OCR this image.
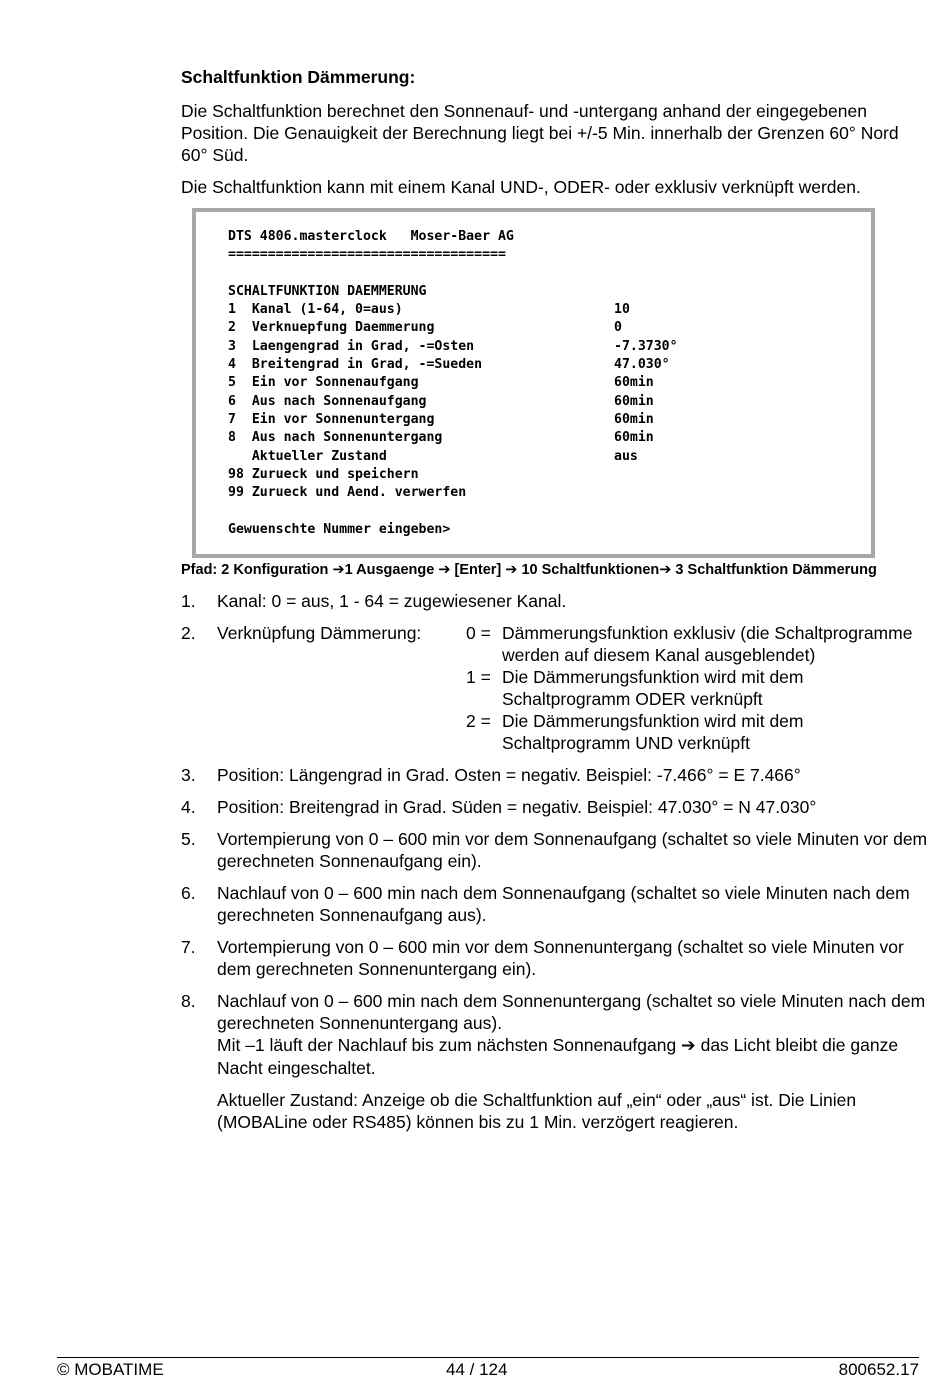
Schaltfunktion Dämmerung:

Die Schaltfunktion berechnet den Sonnenauf- und -untergang anhand der eingegebenen Position. Die Genauigkeit der Berechnung liegt bei +/-5 Min. innerhalb der Grenzen 60° Nord 60° Süd.

Die Schaltfunktion kann mit einem Kanal UND-, ODER- oder exklusiv verknüpft werden.

DTS 4806.masterclock   Moser-Baer AG
===================================
SCHALTFUNKTION DAEMMERUNG
1  Kanal (1-64, 0=aus)	10
2  Verknuepfung Daemmerung	0
3  Laengengrad in Grad, -=Osten	-7.3730°
4  Breitengrad in Grad, -=Sueden	47.030°
5  Ein vor Sonnenaufgang	60min
6  Aus nach Sonnenaufgang	60min
7  Ein vor Sonnenuntergang	60min
8  Aus nach Sonnenuntergang	60min
Aktueller Zustand	aus
98 Zurueck und speichern
99 Zurueck und Aend. verwerfen
Gewuenschte Nummer eingeben>
Pfad: 2 Konfiguration ➔1 Ausgaenge ➔ [Enter] ➔ 10 Schaltfunktionen➔ 3 Schaltfunktion Dämmerung
1. Kanal: 0 = aus, 1 - 64 = zugewiesener Kanal.
2. Verknüpfung Dämmerung:	0 = Dämmerungsfunktion exklusiv (die Schaltprogramme werden auf diesem Kanal ausgeblendet)
1 = Die Dämmerungsfunktion wird mit dem Schaltprogramm ODER verknüpft
2 = Die Dämmerungsfunktion wird mit dem Schaltprogramm UND verknüpft
3. Position: Längengrad in Grad. Osten = negativ. Beispiel: -7.466° = E 7.466°
4. Position: Breitengrad in Grad. Süden = negativ. Beispiel: 47.030° = N 47.030°
5. Vortempierung von 0 – 600 min vor dem Sonnenaufgang (schaltet so viele Minuten vor dem gerechneten Sonnenaufgang ein).
6. Nachlauf von 0 – 600 min nach dem Sonnenaufgang (schaltet so viele Minuten nach dem gerechneten Sonnenaufgang aus).
7. Vortempierung von 0 – 600 min vor dem Sonnenuntergang (schaltet so viele Minuten vor dem gerechneten Sonnenuntergang ein).
8. Nachlauf von 0 – 600 min nach dem Sonnenuntergang (schaltet so viele Minuten nach dem gerechneten Sonnenuntergang aus).
Mit –1 läuft der Nachlauf bis zum nächsten Sonnenaufgang ➔ das Licht bleibt die ganze Nacht eingeschaltet.
Aktueller Zustand: Anzeige ob die Schaltfunktion auf „ein“ oder „aus“ ist. Die Linien (MOBALine oder RS485) können bis zu 1 Min. verzögert reagieren.
© MOBATIME	44 / 124	800652.17
